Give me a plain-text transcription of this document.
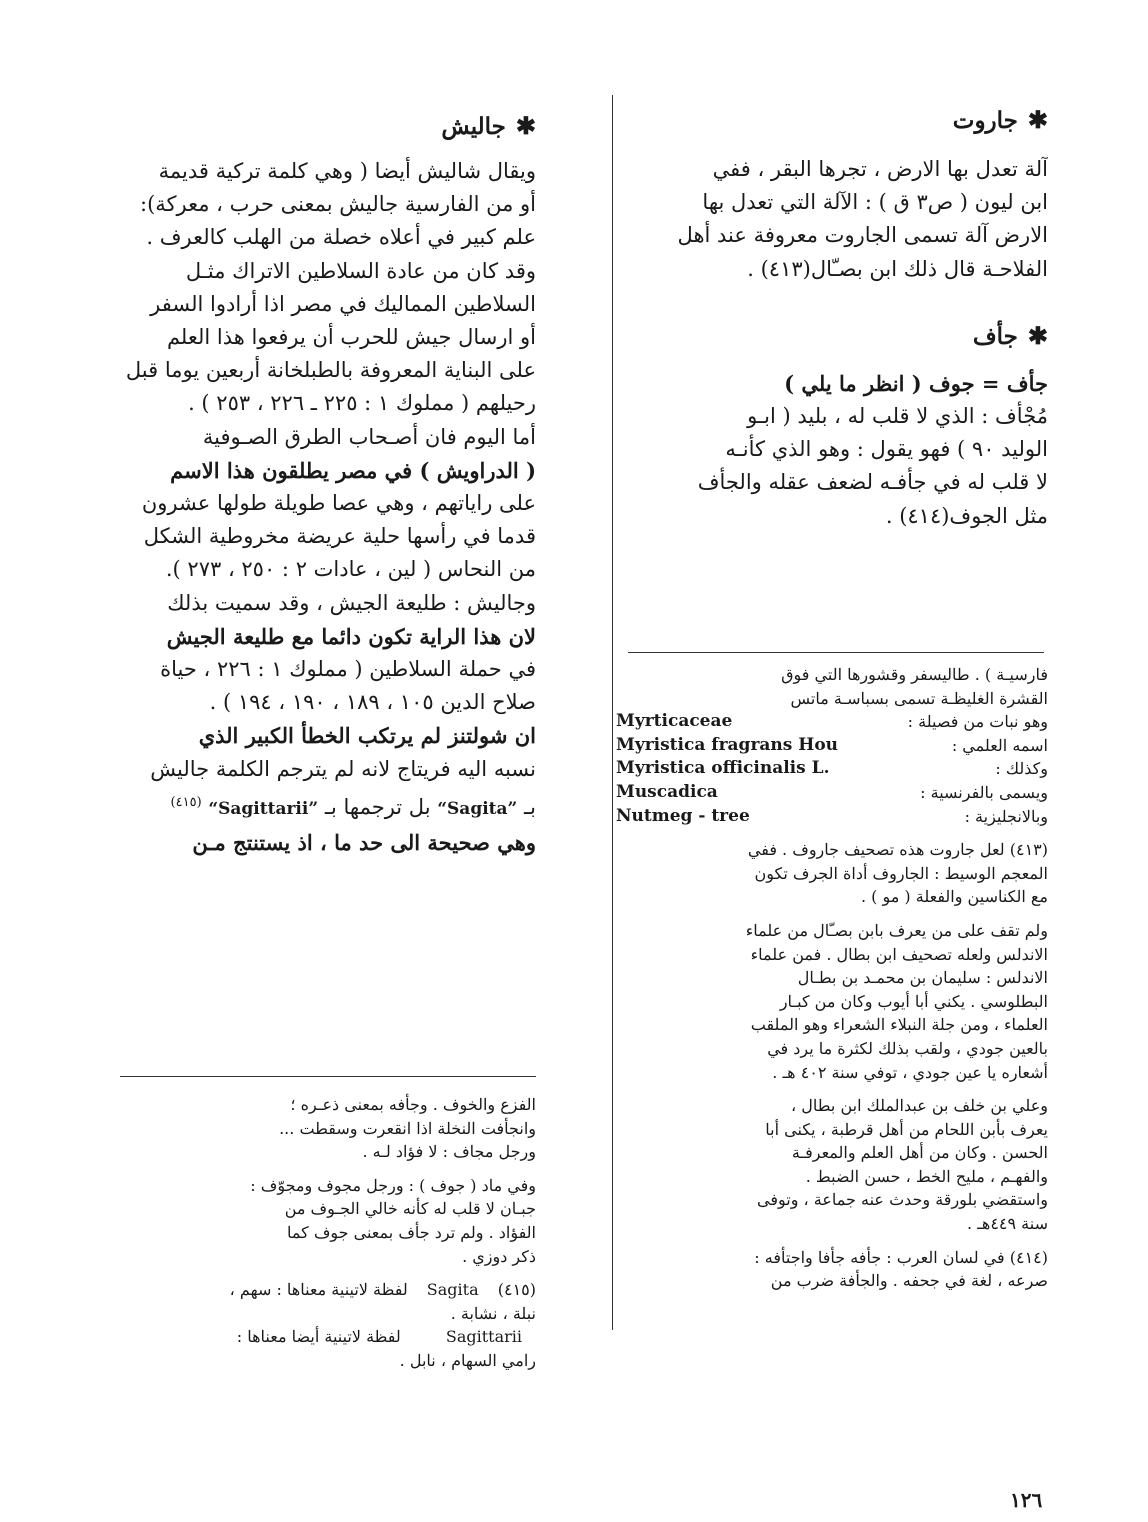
✱جاروت
آلة تعدل بها الارض ، تجرها البقر ، ففي
ابن ليون ( ص٣ ق ) : الآلة التي تعدل بها
الارض آلة تسمى الجاروت معروفة عند أهل
الفلاحـة قال ذلك ابن بصـّال(٤١٣) .
✱جأف
جأف = جوف ( انظر ما يلي )
مُجْأَف : الذي لا قلب له ، بليد ( ابـو
الوليد ٩٠ ) فهو يقول : وهو الذي كأنـه
لا قلب له في جأفـه لضعف عقله والجأف
مثل الجوف(٤١٤) .
فارسيـة ) . طاليسفر وقشورها التي فوق
القشرة الغليظـة تسمى بسباسـة ماتس
وهو نبات من فصيلة :
Myrticaceae
اسمه العلمي :
Myristica fragrans Hou
وكذلك :
Myristica officinalis L.
ويسمى بالفرنسية :
Muscadica
وبالانجليزية :
Nutmeg - tree
(٤١٣) لعل جاروت هذه تصحيف جاروف . ففي
المعجم الوسيط : الجاروف أداة الجرف تكون
مع الكناسين والفعلة ( مو ) .
ولم تقف على من يعرف بابن بصـّال من علماء
الاندلس ولعله تصحيف ابن بطال . فمن علماء
الاندلس : سليمان بن محمـد بن بطـال
البطلوسي . يكني أبا أيوب وكان من كبـار
العلماء ، ومن جلة النبلاء الشعراء وهو الملقب
بالعين جودي ، ولقب بذلك لكثرة ما يرد في
أشعاره يا عين جودي ، توفي سنة ٤٠٢ هـ .
وعلي بن خلف بن عبدالملك ابن بطال ،
يعرف بأبن اللحام من أهل قرطبة ، يكنى أبا
الحسن . وكان من أهل العلم والمعرفـة
والفهـم ، مليح الخط ، حسن الضبط .
واستقضي بلورقة وحدث عنه جماعة ، وتوفى
سنة ٤٤٩هـ .
(٤١٤) في لسان العرب : جأفه جأفا واجتأفه :
صرعه ، لغة في جحفه . والجأفة ضرب من
✱جاليش
ويقال شاليش أيضا ( وهي كلمة تركية قديمة
أو من الفارسية جاليش بمعنى حرب ، معركة):
علم كبير في أعلاه خصلة من الهلب كالعرف .
وقد كان من عادة السلاطين الاتراك مثـل
السلاطين المماليك في مصر اذا أرادوا السفر
أو ارسال جيش للحرب أن يرفعوا هذا العلم
على البناية المعروفة بالطبلخانة أربعين يوما قبل
رحيلهم ( مملوك ١ : ٢٢٥ ـ ٢٢٦ ، ٢٥٣ ) .
أما اليوم فان أصـحاب الطرق الصـوفية
( الدراويش ) في مصر يطلقون هذا الاسم
على راياتهم ، وهي عصا طويلة طولها عشرون
قدما في رأسها حلية عريضة مخروطية الشكل
من النحاس ( لين ، عادات ٢ : ٢٥٠ ، ٢٧٣ ).
وجاليش : طليعة الجيش ، وقد سميت بذلك
لان هذا الراية تكون دائما مع طليعة الجيش
في حملة السلاطين ( مملوك ١ : ٢٢٦ ، حياة
صلاح الدين ١٠٥ ، ١٨٩ ، ١٩٠ ، ١٩٤ ) .
ان شولتنز لم يرتكب الخطأ الكبير الذي
نسبه اليه فريتاج لانه لم يترجم الكلمة جاليش
بـ “Sagita” بل ترجمها بـ “Sagittarii” $^{(٤١٥)}$
وهي صحيحة الى حد ما ، اذ يستنتج مـن
الفزع والخوف . وجأفه بمعنى ذعـره ؛
وانجأفت النخلة اذا انقعرت وسقطت ...
ورجل مجاف : لا فؤاد لـه .
وفي ماد ( جوف ) : ورجل مجوف ومجوّف :
جبـان لا قلب له كأنه خالي الجـوف من
الفؤاد . ولم ترد جأف بمعنى جوف كما
ذكر دوزي .
(٤١٥) Sagita لفظة لاتينية معناها : سهم ،
نبلة ، نشابة .
Sagittarii لفظة لاتينية أيضا معناها :
رامي السهام ، نابل .
١٢٦
